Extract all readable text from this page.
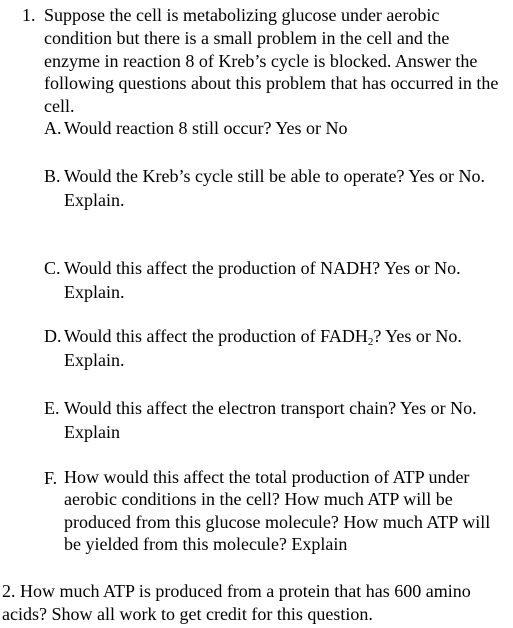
1. Suppose the cell is metabolizing glucose under aerobic condition but there is a small problem in the cell and the enzyme in reaction 8 of Kreb’s cycle is blocked. Answer the following questions about this problem that has occurred in the cell.
A. Would reaction 8 still occur? Yes or No
B. Would the Kreb’s cycle still be able to operate? Yes or No. Explain.
C. Would this affect the production of NADH? Yes or No. Explain.
D. Would this affect the production of $FADH_2$? Yes or No. Explain.
E. Would this affect the electron transport chain? Yes or No. Explain
F. How would this affect the total production of ATP under aerobic conditions in the cell? How much ATP will be produced from this glucose molecule? How much ATP will be yielded from this molecule? Explain
2. How much ATP is produced from a protein that has 600 amino acids? Show all work to get credit for this question.
